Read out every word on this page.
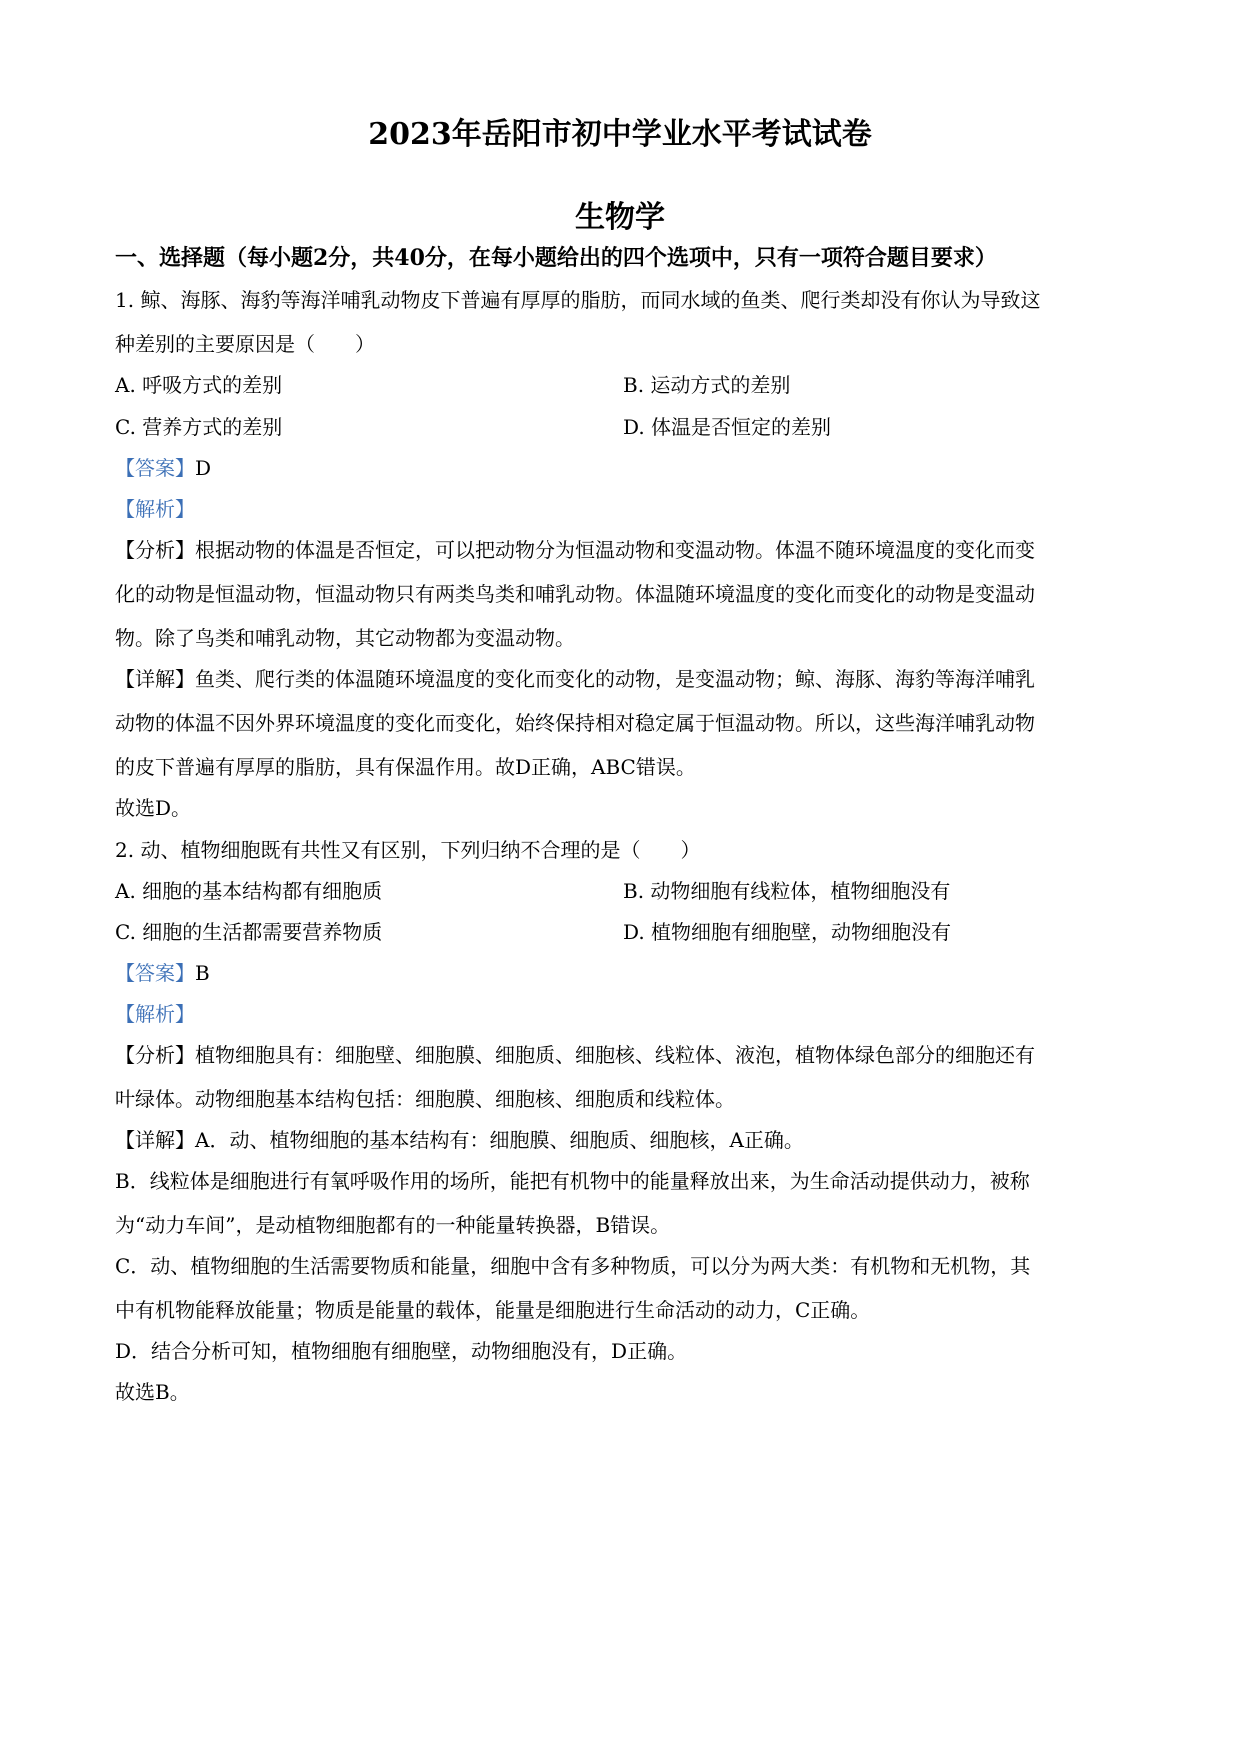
2023年岳阳市初中学业水平考试试卷
生物学
一、选择题（每小题2分，共40分，在每小题给出的四个选项中，只有一项符合题目要求）
1. 鲸、海豚、海豹等海洋哺乳动物皮下普遍有厚厚的脂肪，而同水域的鱼类、爬行类却没有你认为导致这
种差别的主要原因是（　　）
A. 呼吸方式的差别	B. 运动方式的差别
C. 营养方式的差别	D. 体温是否恒定的差别
【答案】D
【解析】
【分析】根据动物的体温是否恒定，可以把动物分为恒温动物和变温动物。体温不随环境温度的变化而变
化的动物是恒温动物，恒温动物只有两类鸟类和哺乳动物。体温随环境温度的变化而变化的动物是变温动
物。除了鸟类和哺乳动物，其它动物都为变温动物。
【详解】鱼类、爬行类的体温随环境温度的变化而变化的动物，是变温动物；鲸、海豚、海豹等海洋哺乳
动物的体温不因外界环境温度的变化而变化，始终保持相对稳定属于恒温动物。所以，这些海洋哺乳动物
的皮下普遍有厚厚的脂肪，具有保温作用。故D正确，ABC错误。
故选D。
2. 动、植物细胞既有共性又有区别，下列归纳不合理的是（　　）
A. 细胞的基本结构都有细胞质	B. 动物细胞有线粒体，植物细胞没有
C. 细胞的生活都需要营养物质	D. 植物细胞有细胞壁，动物细胞没有
【答案】B
【解析】
【分析】植物细胞具有：细胞壁、细胞膜、细胞质、细胞核、线粒体、液泡，植物体绿色部分的细胞还有
叶绿体。动物细胞基本结构包括：细胞膜、细胞核、细胞质和线粒体。
【详解】A．动、植物细胞的基本结构有：细胞膜、细胞质、细胞核，A正确。
B．线粒体是细胞进行有氧呼吸作用的场所，能把有机物中的能量释放出来，为生命活动提供动力，被称
为“动力车间”，是动植物细胞都有的一种能量转换器，B错误。
C．动、植物细胞的生活需要物质和能量，细胞中含有多种物质，可以分为两大类：有机物和无机物，其
中有机物能释放能量；物质是能量的载体，能量是细胞进行生命活动的动力，C正确。
D．结合分析可知，植物细胞有细胞壁，动物细胞没有，D正确。
故选B。
